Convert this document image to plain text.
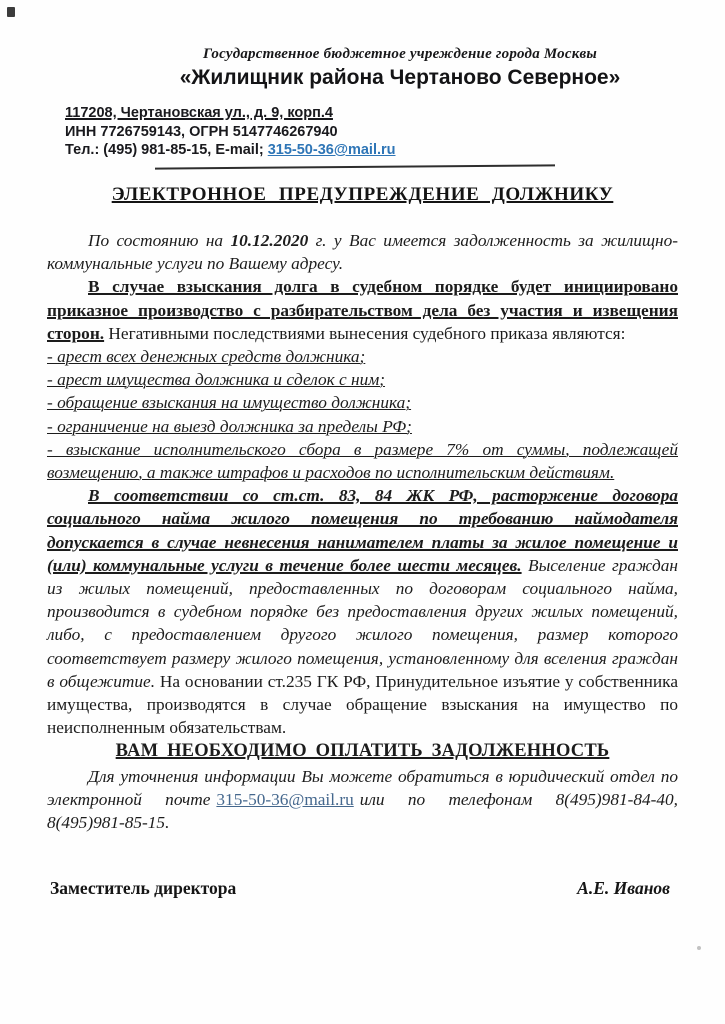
Государственное бюджетное учреждение города Москвы
«Жилищник района Чертаново Северное»
117208, Чертановская ул., д. 9, корп.4
ИНН 7726759143, ОГРН 5147746267940
Тел.: (495) 981-85-15, E-mail; 315-50-36@mail.ru
ЭЛЕКТРОННОЕ ПРЕДУПРЕЖДЕНИЕ ДОЛЖНИКУ

По состоянию на 10.12.2020 г. у Вас имеется задолженность за жилищно-коммунальные услуги по Вашему адресу.

В случае взыскания долга в судебном порядке будет инициировано приказное производство с разбирательством дела без участия и извещения сторон. Негативными последствиями вынесения судебного приказа являются:

- арест всех денежных средств должника;

- арест имущества должника и сделок с ним;

- обращение взыскания на имущество должника;

- ограничение на выезд должника за пределы РФ;

- взыскание исполнительского сбора в размере 7% от суммы, подлежащей возмещению, а также штрафов и расходов по исполнительским действиям.

В соответствии со ст.ст. 83, 84 ЖК РФ, расторжение договора социального найма жилого помещения по требованию наймодателя допускается в случае невнесения нанимателем платы за жилое помещение и (или) коммунальные услуги в течение более шести месяцев. Выселение граждан из жилых помещений, предоставленных по договорам социального найма, производится в судебном порядке без предоставления других жилых помещений, либо, с предоставлением другого жилого помещения, размер которого соответствует размеру жилого помещения, установленному для вселения граждан в общежитие. На основании ст.235 ГК РФ, Принудительное изъятие у собственника имущества, производятся в случае обращение взыскания на имущество по неисполненным обязательствам.

ВАМ НЕОБХОДИМО ОПЛАТИТЬ ЗАДОЛЖЕННОСТЬ

Для уточнения информации Вы можете обратиться в юридический отдел по электронной почте 315-50-36@mail.ru или по телефонам 8(495)981-84-40, 8(495)981-85-15.

Заместитель директора	А.Е. Иванов
